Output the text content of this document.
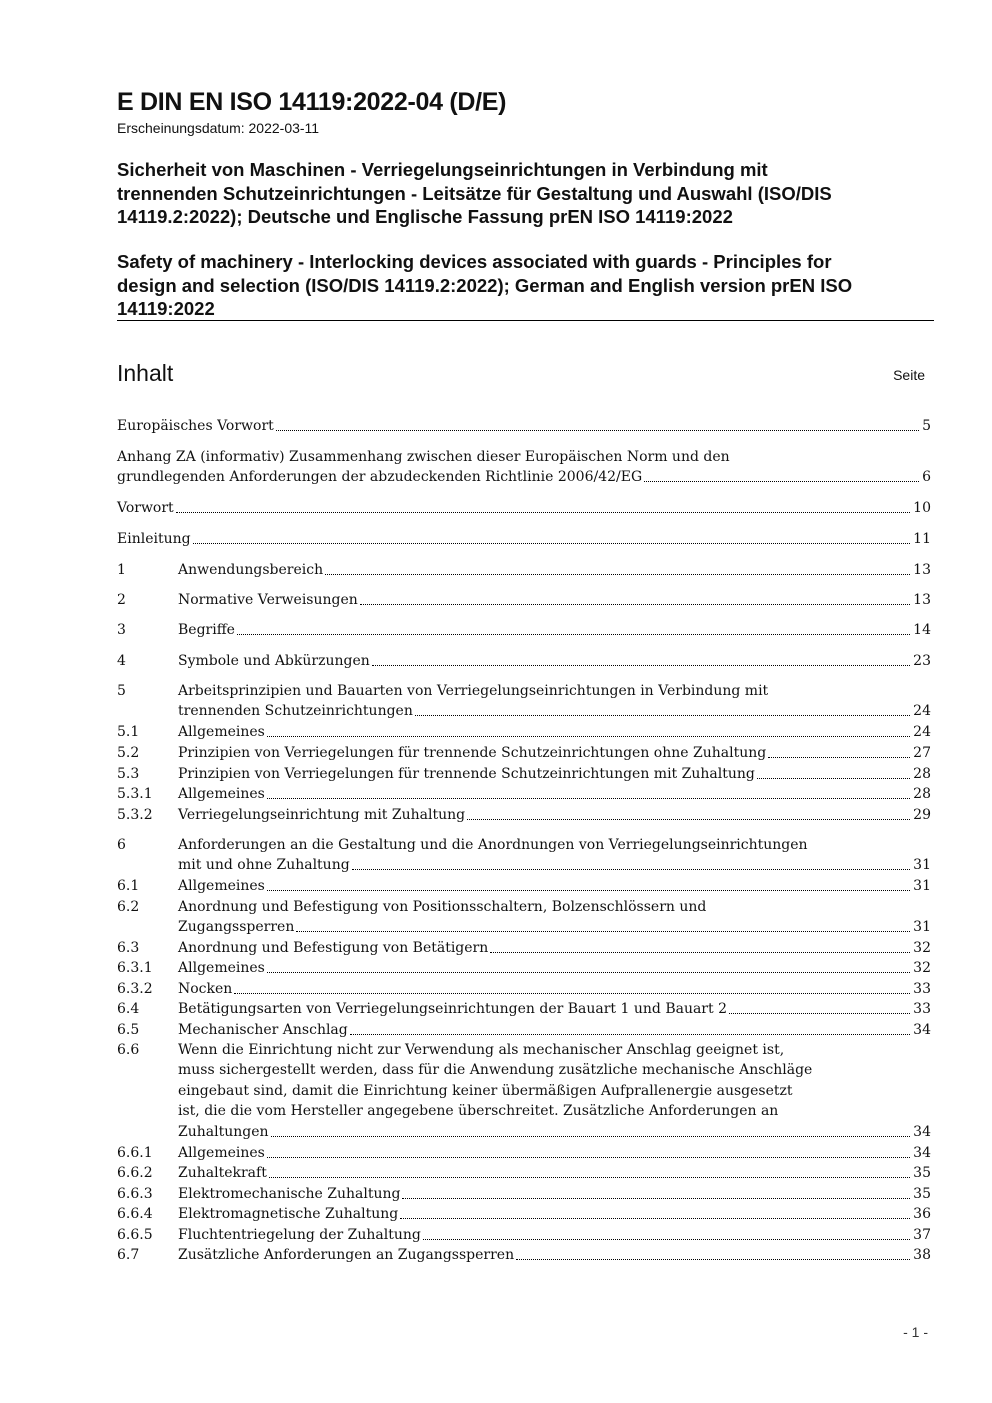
E DIN EN ISO 14119:2022-04 (D/E)
Erscheinungsdatum: 2022-03-11
Sicherheit von Maschinen - Verriegelungseinrichtungen in Verbindung mit
trennenden Schutzeinrichtungen - Leitsätze für Gestaltung und Auswahl (ISO/DIS
14119.2:2022); Deutsche und Englische Fassung prEN ISO 14119:2022
Safety of machinery - Interlocking devices associated with guards - Principles for
design and selection (ISO/DIS 14119.2:2022); German and English version prEN ISO
14119:2022
Inhalt	Seite
Europäisches Vorwort	5
Anhang ZA (informativ) Zusammenhang zwischen dieser Europäischen Norm und den
grundlegenden Anforderungen der abzudeckenden Richtlinie 2006/42/EG	6
Vorwort	10
Einleitung	11
1	Anwendungsbereich	13
2	Normative Verweisungen	13
3	Begriffe	14
4	Symbole und Abkürzungen	23
5	Arbeitsprinzipien und Bauarten von Verriegelungseinrichtungen in Verbindung mit
trennenden Schutzeinrichtungen	24
5.1	Allgemeines	24
5.2	Prinzipien von Verriegelungen für trennende Schutzeinrichtungen ohne Zuhaltung	27
5.3	Prinzipien von Verriegelungen für trennende Schutzeinrichtungen mit Zuhaltung	28
5.3.1 Allgemeines	28
5.3.2 Verriegelungseinrichtung mit Zuhaltung	29
6	Anforderungen an die Gestaltung und die Anordnungen von Verriegelungseinrichtungen
mit und ohne Zuhaltung	31
6.1	Allgemeines	31
6.2	Anordnung und Befestigung von Positionsschaltern, Bolzenschlössern und
Zugangssperren	31
6.3	Anordnung und Befestigung von Betätigern	32
6.3.1 Allgemeines	32
6.3.2 Nocken	33
6.4	Betätigungsarten von Verriegelungseinrichtungen der Bauart 1 und Bauart 2	33
6.5	Mechanischer Anschlag	34
6.6	Wenn die Einrichtung nicht zur Verwendung als mechanischer Anschlag geeignet ist,
muss sichergestellt werden, dass für die Anwendung zusätzliche mechanische Anschläge
eingebaut sind, damit die Einrichtung keiner übermäßigen Aufprallenergie ausgesetzt
ist, die die vom Hersteller angegebene überschreitet. Zusätzliche Anforderungen an
Zuhaltungen	34
6.6.1 Allgemeines	34
6.6.2 Zuhaltekraft	35
6.6.3 Elektromechanische Zuhaltung	35
6.6.4 Elektromagnetische Zuhaltung	36
6.6.5 Fluchtentriegelung der Zuhaltung	37
6.7	Zusätzliche Anforderungen an Zugangssperren	38
- 1 -
